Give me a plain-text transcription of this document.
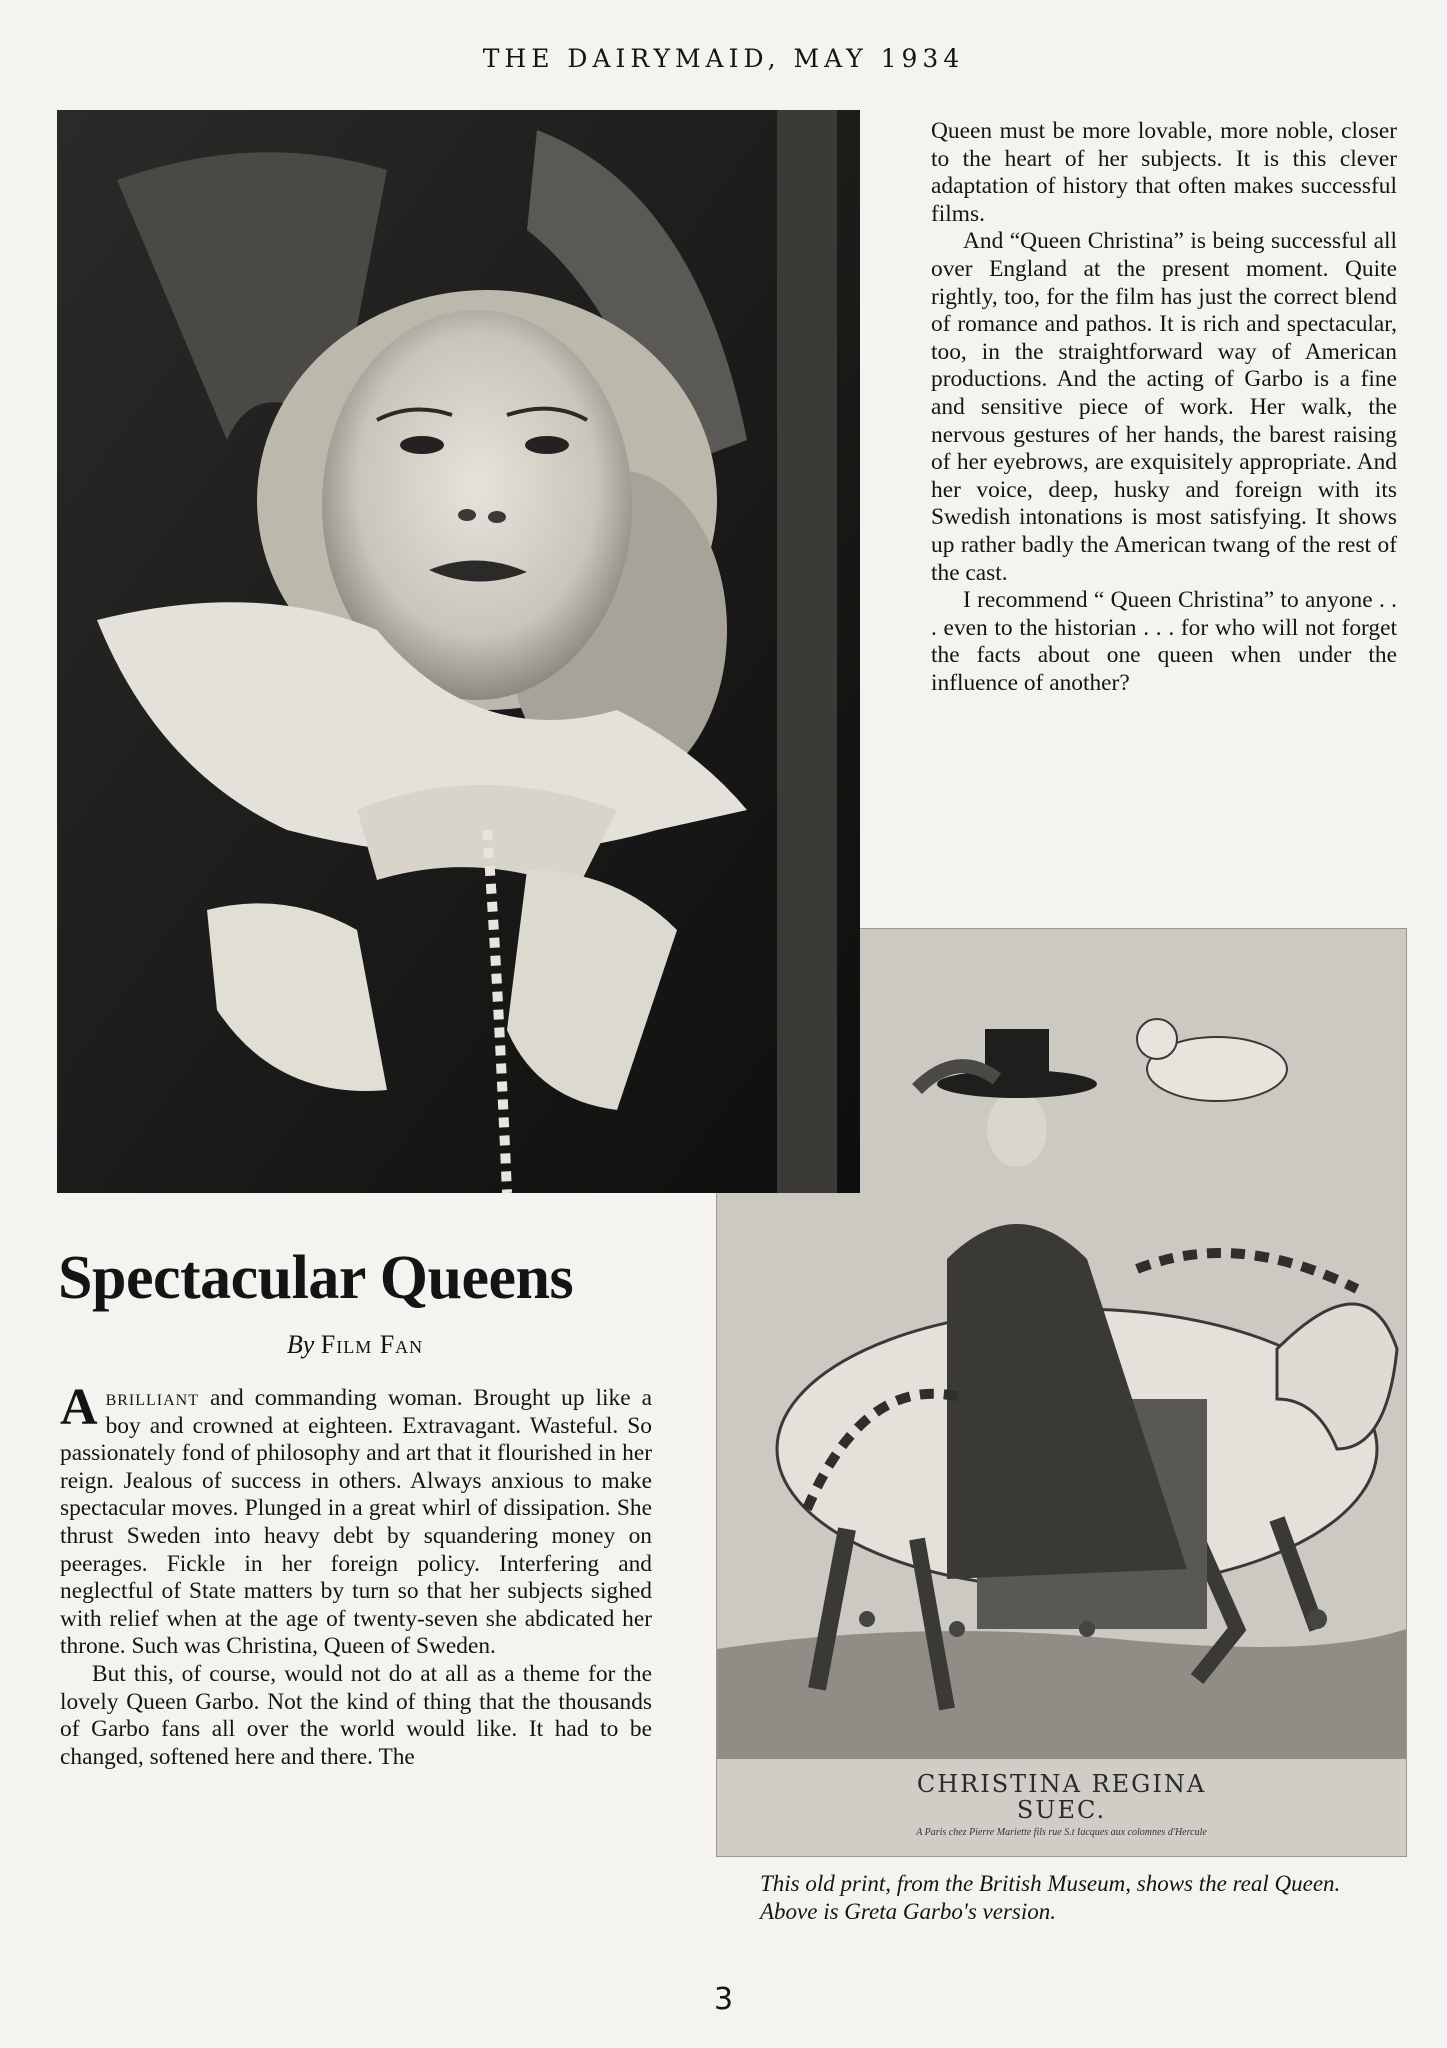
THE DAIRYMAID, MAY 1934
CHRISTINA REGINA
SUEC.
A Paris chez Pierre Mariette fils rue S.t Iacques aux colomnes d'Hercule
This old print, from the British Museum, shows the real Queen. Above is Greta Garbo's version.

Queen must be more lovable, more noble, closer to the heart of her subjects. It is this clever adaptation of history that often makes successful films.

And “Queen Christina” is being successful all over England at the present moment. Quite rightly, too, for the film has just the correct blend of romance and pathos. It is rich and spectacular, too, in the straightforward way of American productions. And the acting of Garbo is a fine and sensitive piece of work. Her walk, the nervous gestures of her hands, the barest raising of her eyebrows, are exquisitely appropriate. And her voice, deep, husky and foreign with its Swedish intonations is most satisfying. It shows up rather badly the American twang of the rest of the cast.

I recommend “ Queen Christina” to anyone . . . even to the historian . . . for who will not forget the facts about one queen when under the influence of another?

Spectacular Queens
By Film Fan

Abrilliant and commanding woman. Brought up like a boy and crowned at eighteen. Extravagant. Wasteful. So passionately fond of philosophy and art that it flourished in her reign. Jealous of success in others. Always anxious to make spectacular moves. Plunged in a great whirl of dissipation. She thrust Sweden into heavy debt by squandering money on peerages. Fickle in her foreign policy. Interfering and neglectful of State matters by turn so that her subjects sighed with relief when at the age of twenty-seven she abdicated her throne. Such was Christina, Queen of Sweden.

But this, of course, would not do at all as a theme for the lovely Queen Garbo. Not the kind of thing that the thousands of Garbo fans all over the world would like. It had to be changed, softened here and there. The

3
